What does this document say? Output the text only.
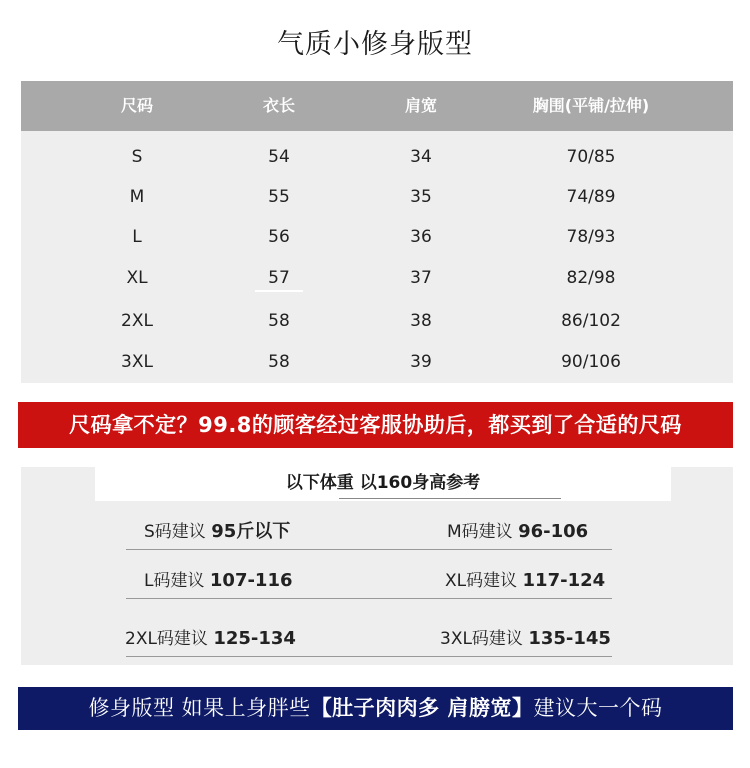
气质小修身版型
尺码	衣长	肩宽	胸围(平铺/拉伸)
S	54	34	70/85
M	55	35	74/89
L	56	36	78/93
XL	57	37	82/98
2XL	58	38	86/102
3XL	58	39	90/106
尺码拿不定？99.8的顾客经过客服协助后，都买到了合适的尺码
以下体重 以160身高参考
S码建议 95斤以下	M码建议 96-106
L码建议 107-116	XL码建议 117-124
2XL码建议 125-134	3XL码建议 135-145
修身版型 如果上身胖些【肚子肉肉多 肩膀宽】建议大一个码
